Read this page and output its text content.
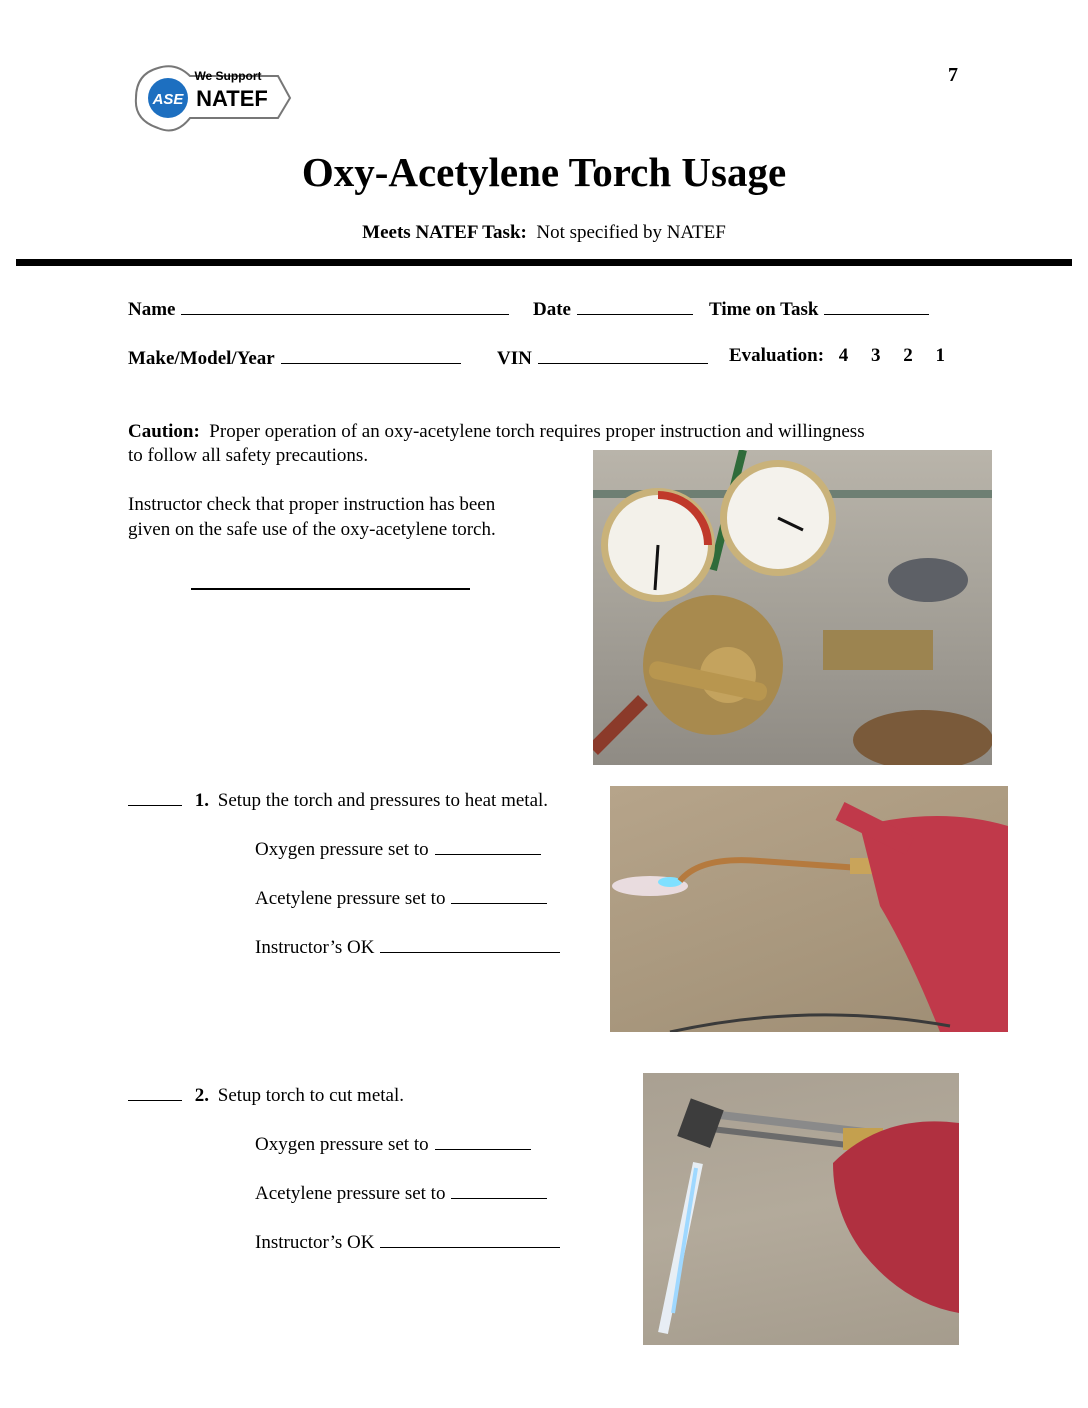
ASE
We Support
NATEF
7
Oxy-Acetylene Torch Usage
Meets NATEF Task: Not specified by NATEF
Name	Date	Time on Task
Make/Model/Year	VIN	Evaluation: 4 3 2 1
Caution: Proper operation of an oxy-acetylene torch requires proper instruction and willingness
to follow all safety precautions.
Instructor check that proper instruction has been
given on the safe use of the oxy-acetylene torch.
1. Setup the torch and pressures to heat metal.
Oxygen pressure set to
Acetylene pressure set to
Instructor’s OK
2. Setup torch to cut metal.
Oxygen pressure set to
Acetylene pressure set to
Instructor’s OK
